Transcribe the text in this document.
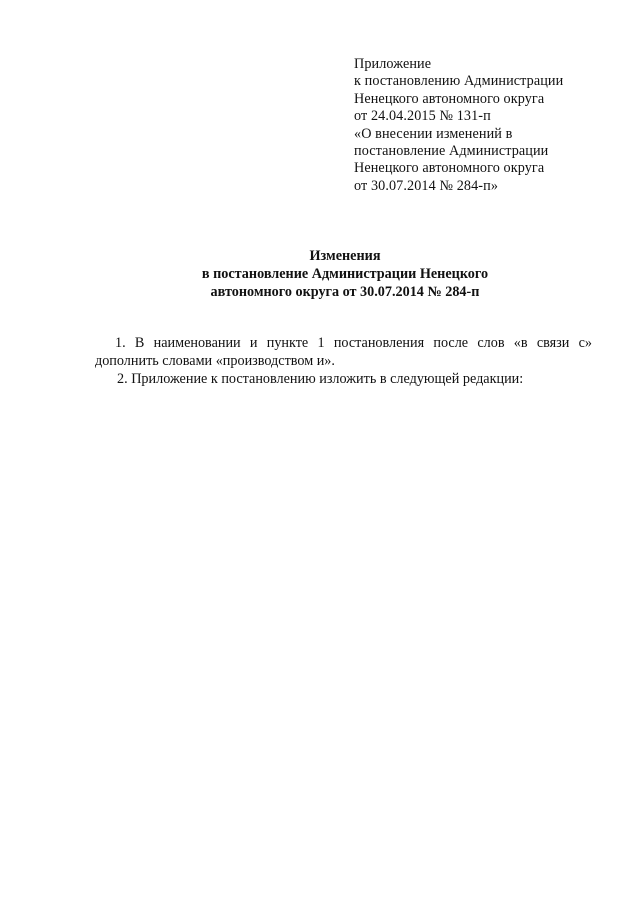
Приложение
к постановлению Администрации
Ненецкого автономного округа
от 24.04.2015 № 131-п
«О внесении изменений в
постановление Администрации
Ненецкого автономного округа
от 30.07.2014 № 284-п»
Изменения
в постановление Администрации Ненецкого
автономного округа от 30.07.2014 № 284-п
1. В наименовании и пункте 1 постановления после слов «в связи с»
дополнить словами «производством и».
2. Приложение к постановлению изложить в следующей редакции:
